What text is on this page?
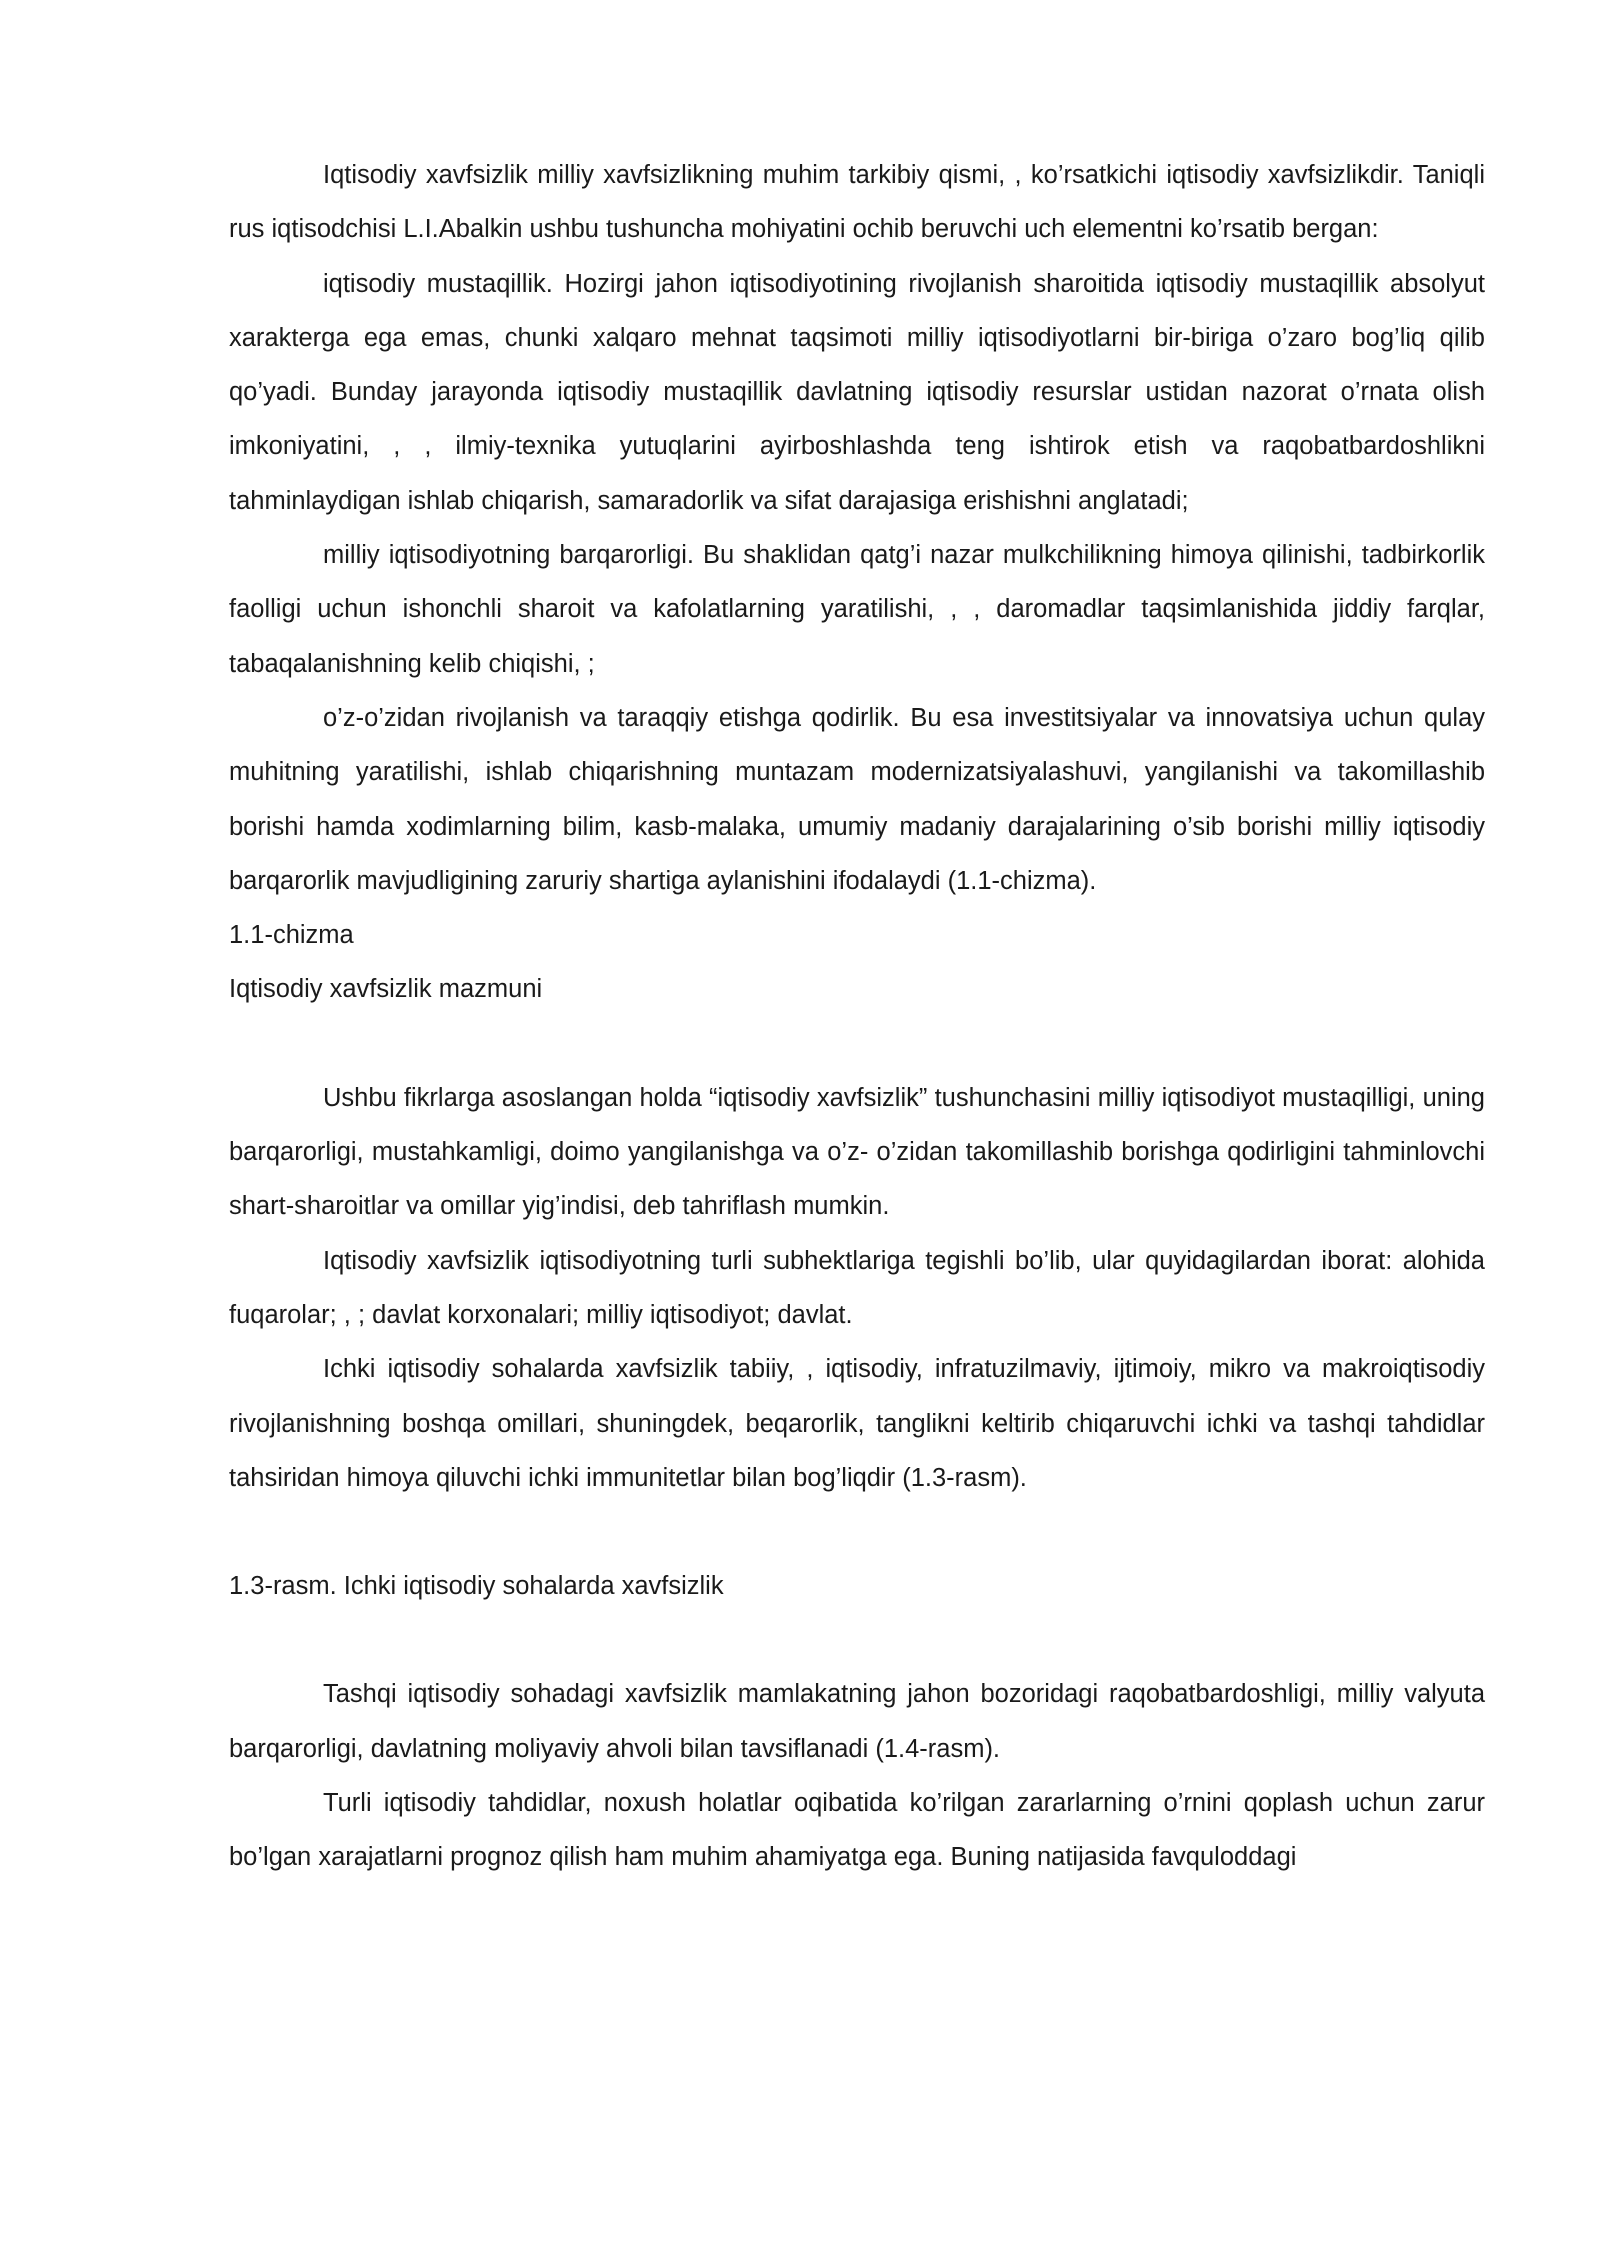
Iqtisodiy xavfsizlik milliy xavfsizlikning muhim tarkibiy qismi, , ko’rsatkichi iqtisodiy xavfsizlikdir. Taniqli rus iqtisodchisi L.I.Abalkin ushbu tushuncha mohiyatini ochib beruvchi uch elementni ko’rsatib bergan:

iqtisodiy mustaqillik. Hozirgi jahon iqtisodiyotining rivojlanish sharoitida iqtisodiy mustaqillik absolyut xarakterga ega emas, chunki xalqaro mehnat taqsimoti milliy iqtisodiyotlarni bir-biriga o’zaro bog’liq qilib qo’yadi. Bunday jarayonda iqtisodiy mustaqillik davlatning iqtisodiy resurslar ustidan nazorat o’rnata olish imkoniyatini, , , ilmiy-texnika yutuqlarini ayirboshlashda teng ishtirok etish va raqobatbardoshlikni tahminlaydigan ishlab chiqarish, samaradorlik va sifat darajasiga erishishni anglatadi;

milliy iqtisodiyotning barqarorligi. Bu shaklidan qatg’i nazar mulkchilikning himoya qilinishi, tadbirkorlik faolligi uchun ishonchli sharoit va kafolatlarning yaratilishi, , , daromadlar taqsimlanishida jiddiy farqlar, tabaqalanishning kelib chiqishi, ;

o’z-o’zidan rivojlanish va taraqqiy etishga qodirlik. Bu esa investitsiyalar va innovatsiya uchun qulay muhitning yaratilishi, ishlab chiqarishning muntazam modernizatsiyalashuvi, yangilanishi va takomillashib borishi hamda xodimlarning bilim, kasb-malaka, umumiy madaniy darajalarining o’sib borishi milliy iqtisodiy barqarorlik mavjudligining zaruriy shartiga aylanishini ifodalaydi (1.1-chizma).

1.1-chizma

Iqtisodiy xavfsizlik mazmuni

Ushbu fikrlarga asoslangan holda “iqtisodiy xavfsizlik” tushunchasini milliy iqtisodiyot mustaqilligi, uning barqarorligi, mustahkamligi, doimo yangilanishga va o’z- o’zidan takomillashib borishga qodirligini tahminlovchi shart-sharoitlar va omillar yig’indisi, deb tahriflash mumkin.

Iqtisodiy xavfsizlik iqtisodiyotning turli subhektlariga tegishli bo’lib, ular quyidagilardan iborat: alohida fuqarolar; , ; davlat korxonalari; milliy iqtisodiyot; davlat.

Ichki iqtisodiy sohalarda xavfsizlik tabiiy, , iqtisodiy, infratuzilmaviy, ijtimoiy, mikro va makroiqtisodiy rivojlanishning boshqa omillari, shuningdek, beqarorlik, tanglikni keltirib chiqaruvchi ichki va tashqi tahdidlar tahsiridan himoya qiluvchi ichki immunitetlar bilan bog’liqdir (1.3-rasm).

1.3-rasm. Ichki iqtisodiy sohalarda xavfsizlik

Tashqi iqtisodiy sohadagi xavfsizlik mamlakatning jahon bozoridagi raqobatbardoshligi, milliy valyuta barqarorligi, davlatning moliyaviy ahvoli bilan tavsiflanadi (1.4-rasm).

Turli iqtisodiy tahdidlar, noxush holatlar oqibatida ko’rilgan zararlarning o’rnini qoplash uchun zarur bo’lgan xarajatlarni prognoz qilish ham muhim ahamiyatga ega. Buning natijasida favquloddagi
